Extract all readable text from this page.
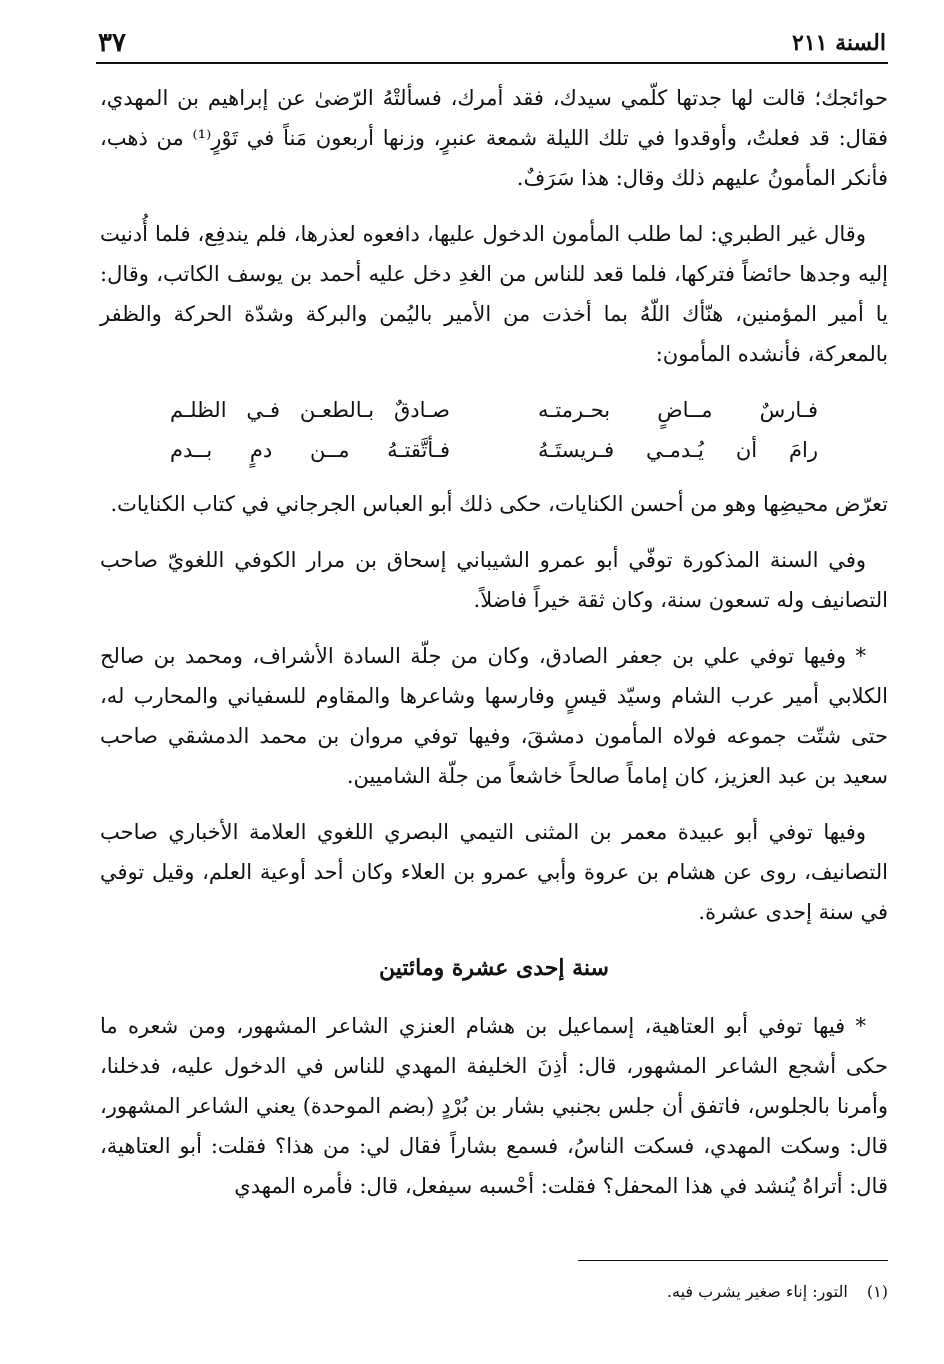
السنة ٢١١
٣٧

حوائجك؛ قالت لها جدتها كلّمي سيدك، فقد أمرك، فسألتْهُ الرّضىٰ عن إبراهيم بن المهدي، فقال: قد فعلتُ، وأوقدوا في تلك الليلة شمعة عنبرٍ، وزنها أربعون مَناً في تَوْرٍ⁽¹⁾ من ذهب، فأنكر المأمونُ عليهم ذلك وقال: هذا سَرَفٌ.

وقال غير الطبري: لما طلب المأمون الدخول عليها، دافعوه لعذرها، فلم يندفِع، فلما أُدنيت إليه وجدها حائضاً فتركها، فلما قعد للناس من الغدِ دخل عليه أحمد بن يوسف الكاتب، وقال: يا أمير المؤمنين، هنّأك اللّهُ بما أخذت من الأمير باليُمن والبركة وشدّة الحركة والظفر بالمعركة، فأنشده المأمون:

فـارسٌ مــاضٍ بحـرمتـه
صـادقٌ بـالطعـن فـي الظلـم
رامَ أن يُـدمـي فـريستَـهُ
فـأتَّقتـهُ مــن دمٍ بــدم

تعرّض محيضِها وهو من أحسن الكنايات، حكى ذلك أبو العباس الجرجاني في كتاب الكنايات.

وفي السنة المذكورة توفّي أبو عمرو الشيباني إسحاق بن مرار الكوفي اللغويّ صاحب التصانيف وله تسعون سنة، وكان ثقة خيراً فاضلاً.

* وفيها توفي علي بن جعفر الصادق، وكان من جلّة السادة الأشراف، ومحمد بن صالح الكلابي أمير عرب الشام وسيّد قيسٍ وفارسها وشاعرها والمقاوم للسفياني والمحارب له، حتى شتّت جموعه فولاه المأمون دمشقَ، وفيها توفي مروان بن محمد الدمشقي صاحب سعيد بن عبد العزيز، كان إماماً صالحاً خاشعاً من جلّة الشاميين.

وفيها توفي أبو عبيدة معمر بن المثنى التيمي البصري اللغوي العلامة الأخباري صاحب التصانيف، روى عن هشام بن عروة وأبي عمرو بن العلاء وكان أحد أوعية العلم، وقيل توفي في سنة إحدى عشرة.

سنة إحدى عشرة ومائتين

* فيها توفي أبو العتاهية، إسماعيل بن هشام العنزي الشاعر المشهور، ومن شعره ما حكى أشجع الشاعر المشهور، قال: أذِنَ الخليفة المهدي للناس في الدخول عليه، فدخلنا، وأمرنا بالجلوس، فاتفق أن جلس بجنبي بشار بن بُرْدٍ (بضم الموحدة) يعني الشاعر المشهور، قال: وسكت المهدي، فسكت الناسُ، فسمع بشاراً فقال لي: من هذا؟ فقلت: أبو العتاهية، قال: أتراهُ يُنشد في هذا المحفل؟ فقلت: أحْسبه سيفعل، قال: فأمره المهدي

(١) التور: إناء صغير يشرب فيه.
